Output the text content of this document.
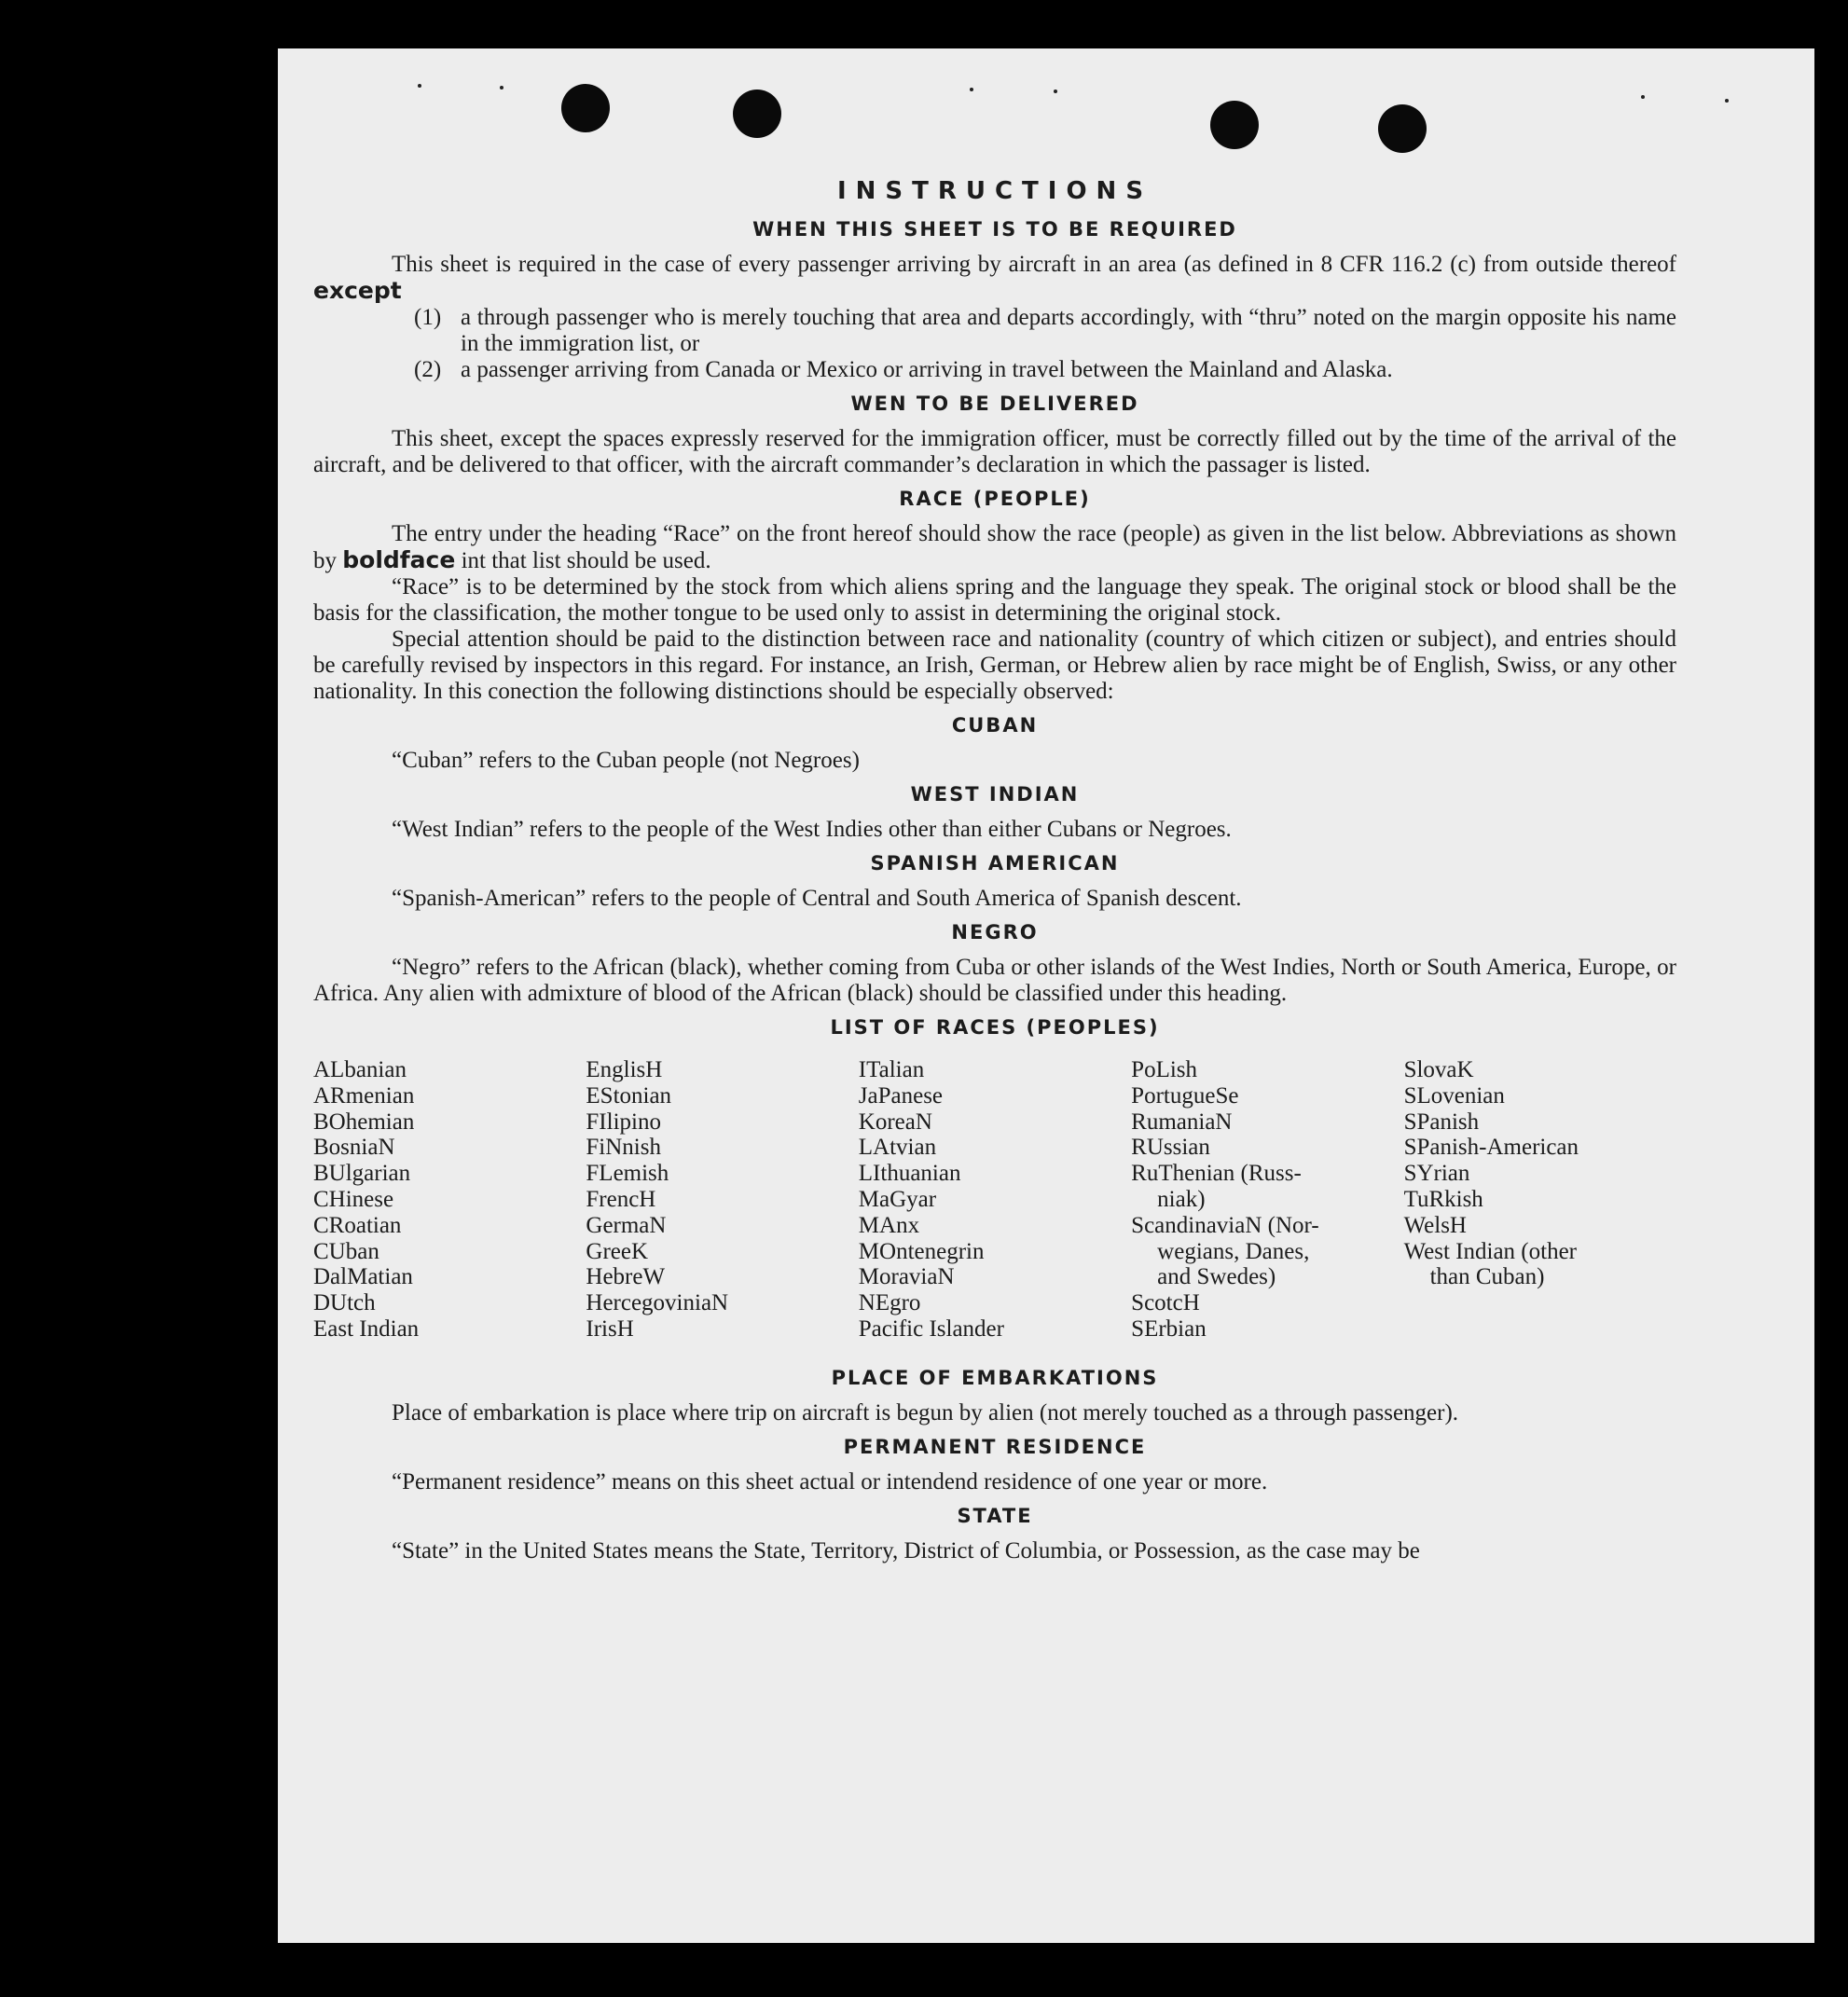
INSTRUCTIONS
WHEN THIS SHEET IS TO BE REQUIRED

This sheet is required in the case of every passenger arriving by aircraft in an area (as defined in 8 CFR 116.2 (c) from outside thereof except

(1) a through passenger who is merely touching that area and departs accordingly, with “thru” noted on the margin opposite his name in the immigration list, or
(2) a passenger arriving from Canada or Mexico or arriving in travel between the Mainland and Alaska.
WEN TO BE DELIVERED

This sheet, except the spaces expressly reserved for the immigration officer, must be correctly filled out by the time of the arrival of the aircraft, and be delivered to that officer, with the aircraft commander’s declaration in which the passager is listed.

RACE (PEOPLE)

The entry under the heading “Race” on the front hereof should show the race (people) as given in the list below. Abbreviations as shown by boldface int that list should be used.

“Race” is to be determined by the stock from which aliens spring and the language they speak. The original stock or blood shall be the basis for the classification, the mother tongue to be used only to assist in determining the original stock.

Special attention should be paid to the distinction between race and nationality (country of which citizen or subject), and entries should be carefully revised by inspectors in this regard. For instance, an Irish, German, or Hebrew alien by race might be of English, Swiss, or any other nationality. In this conection the following distinctions should be especially observed:

CUBAN

“Cuban” refers to the Cuban people (not Negroes)

WEST INDIAN

“West Indian” refers to the people of the West Indies other than either Cubans or Negroes.

SPANISH AMERICAN

“Spanish-American” refers to the people of Central and South America of Spanish descent.

NEGRO

“Negro” refers to the African (black), whether coming from Cuba or other islands of the West Indies, North or South America, Europe, or Africa. Any alien with admixture of blood of the African (black) should be classified under this heading.

LIST OF RACES (PEOPLES)
ALbanian
ARmenian
BOhemian
BosniaN
BUlgarian
CHinese
CRoatian
CUban
DalMatian
DUtch
East Indian
EnglisH
EStonian
FIlipino
FiNnish
FLemish
FrencH
GermaN
GreeK
HebreW
HercegoviniaN
IrisH
ITalian
JaPanese
KoreaN
LAtvian
LIthuanian
MaGyar
MAnx
MOntenegrin
MoraviaN
NEgro
Pacific Islander
PoLish
PortugueSe
RumaniaN
RUssian
RuThenian (Russ-
niak)
ScandinaviaN (Nor-
wegians, Danes,
and Swedes)
ScotcH
SErbian
SlovaK
SLovenian
SPanish
SPanish-American
SYrian
TuRkish
WelsH
West Indian (other
than Cuban)
PLACE OF EMBARKATIONS

Place of embarkation is place where trip on aircraft is begun by alien (not merely touched as a through passenger).

PERMANENT RESIDENCE

“Permanent residence” means on this sheet actual or intendend residence of one year or more.

STATE

“State” in the United States means the State, Territory, District of Columbia, or Possession, as the case may be
